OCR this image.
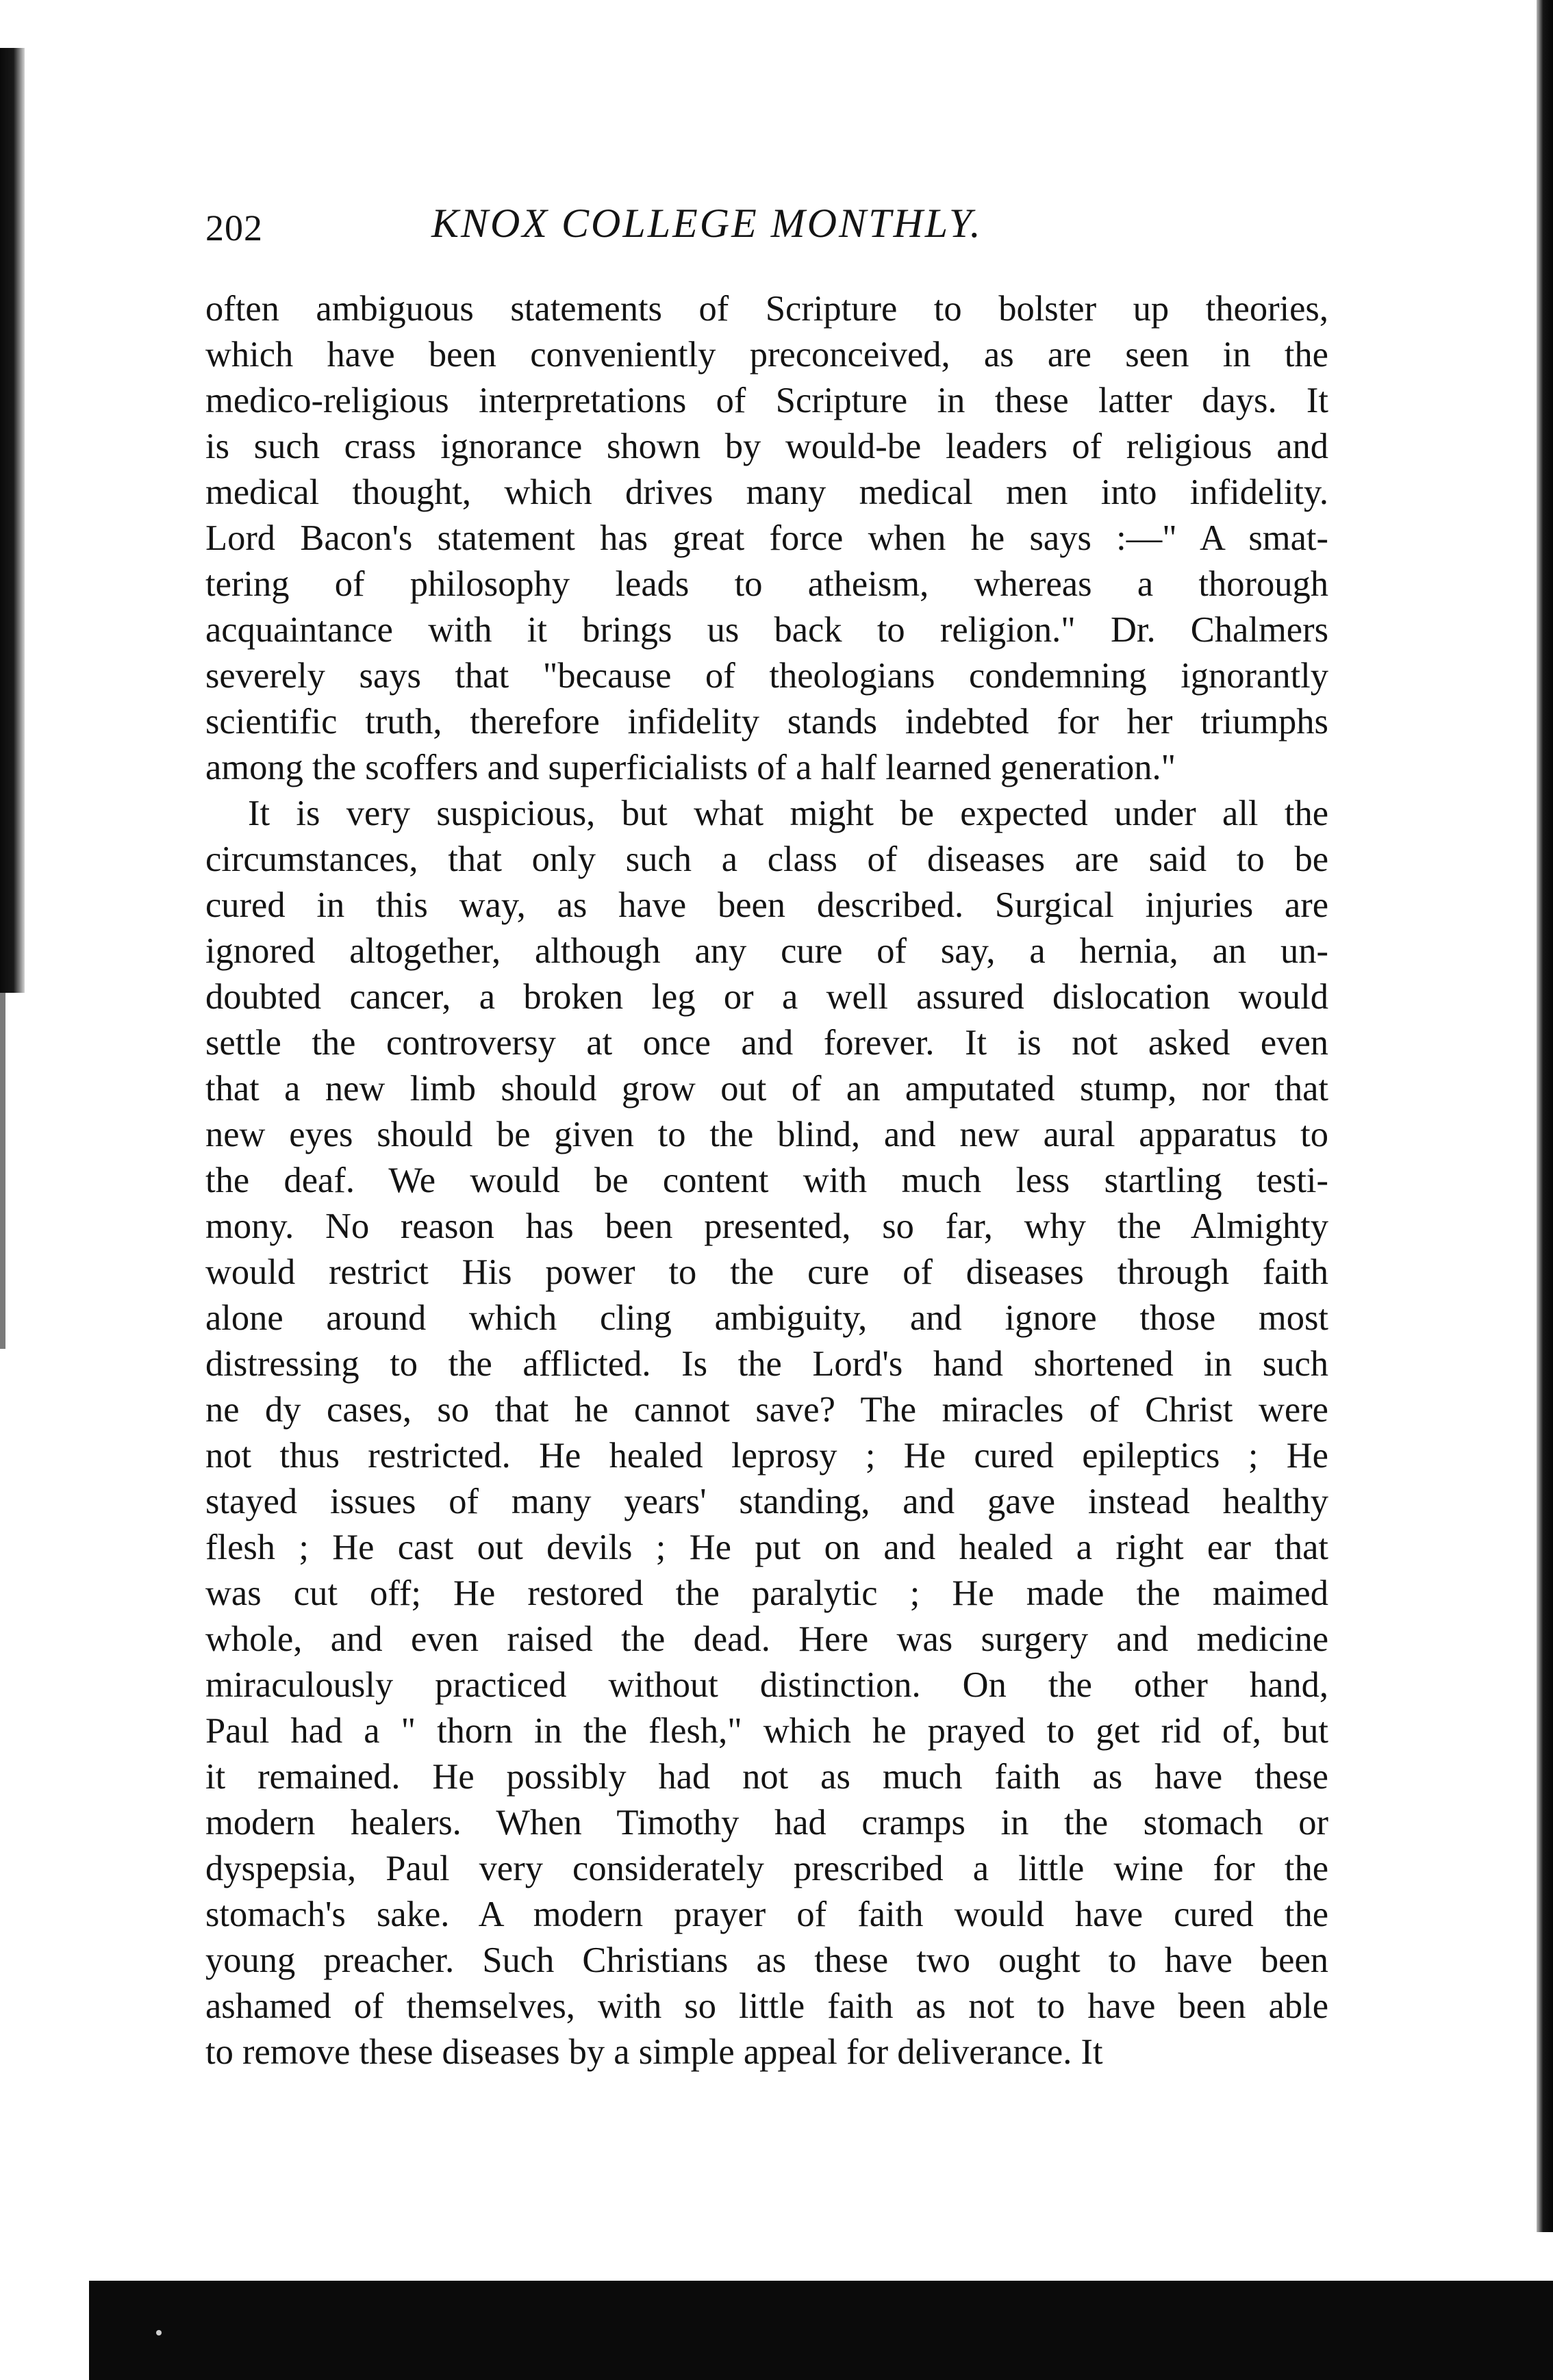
202	KNOX COLLEGE MONTHLY.
often ambiguous statements of Scripture to bolster up theories,
which have been conveniently preconceived, as are seen in the
medico-religious interpretations of Scripture in these latter days. It
is such crass ignorance shown by would-be leaders of religious and
medical thought, which drives many medical men into infidelity.
Lord Bacon's statement has great force when he says :—" A smat-
tering of philosophy leads to atheism, whereas a thorough
acquaintance with it brings us back to religion." Dr. Chalmers
severely says that "because of theologians condemning ignorantly
scientific truth, therefore infidelity stands indebted for her triumphs
among the scoffers and superficialists of a half learned generation."
It is very suspicious, but what might be expected under all the
circumstances, that only such a class of diseases are said to be
cured in this way, as have been described. Surgical injuries are
ignored altogether, although any cure of say, a hernia, an un-
doubted cancer, a broken leg or a well assured dislocation would
settle the controversy at once and forever. It is not asked even
that a new limb should grow out of an amputated stump, nor that
new eyes should be given to the blind, and new aural apparatus to
the deaf. We would be content with much less startling testi-
mony. No reason has been presented, so far, why the Almighty
would restrict His power to the cure of diseases through faith
alone around which cling ambiguity, and ignore those most
distressing to the afflicted. Is the Lord's hand shortened in such
ne dy cases, so that he cannot save? The miracles of Christ were
not thus restricted. He healed leprosy ; He cured epileptics ; He
stayed issues of many years' standing, and gave instead healthy
flesh ; He cast out devils ; He put on and healed a right ear that
was cut off; He restored the paralytic ; He made the maimed
whole, and even raised the dead. Here was surgery and medicine
miraculously practiced without distinction. On the other hand,
Paul had a " thorn in the flesh," which he prayed to get rid of, but
it remained. He possibly had not as much faith as have these
modern healers. When Timothy had cramps in the stomach or
dyspepsia, Paul very considerately prescribed a little wine for the
stomach's sake. A modern prayer of faith would have cured the
young preacher. Such Christians as these two ought to have been
ashamed of themselves, with so little faith as not to have been able
to remove these diseases by a simple appeal for deliverance. It
